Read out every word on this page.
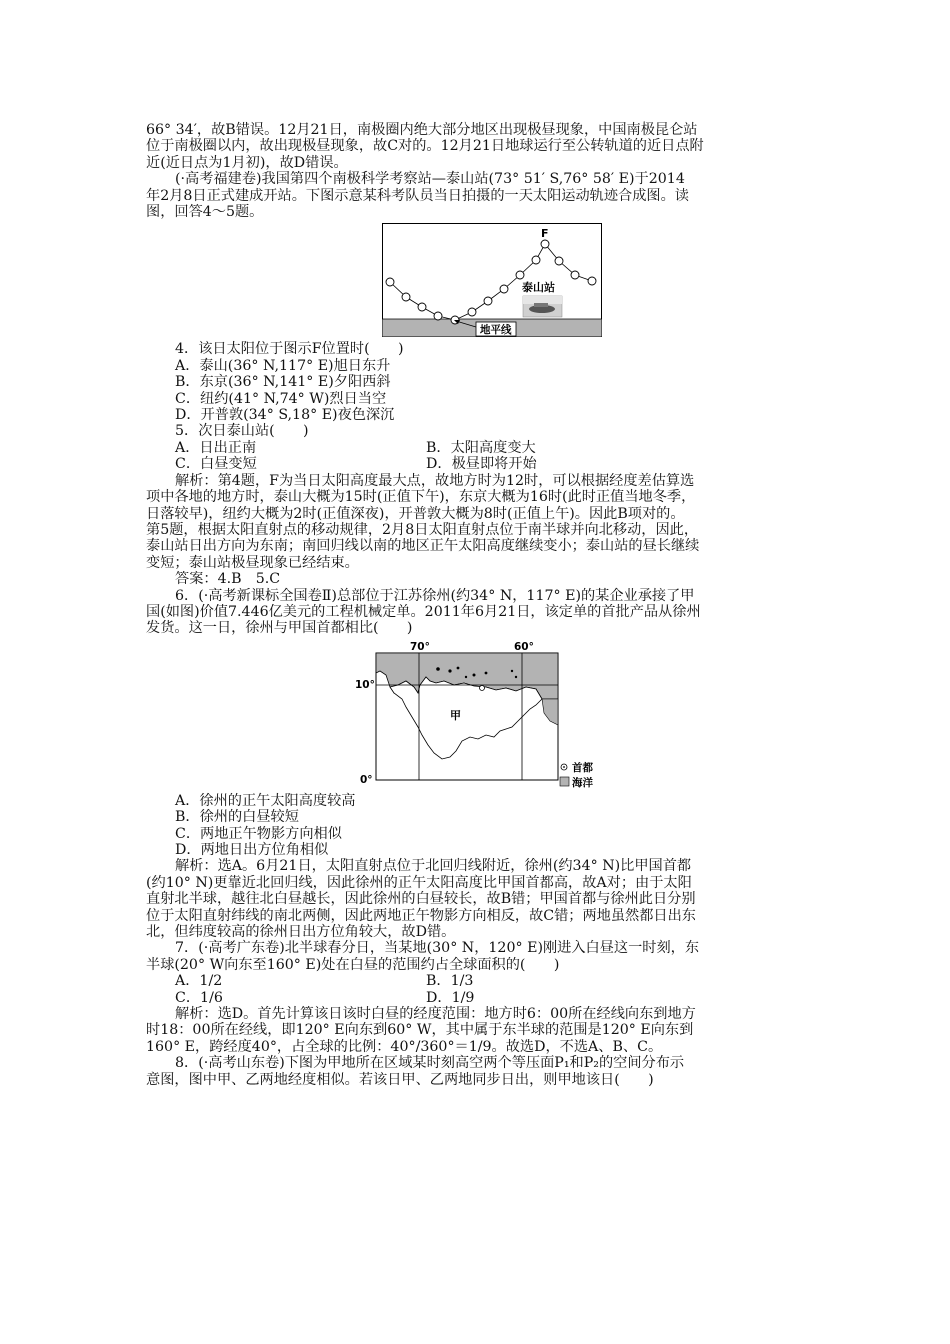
66° 34′，故B错误。12月21日，南极圈内绝大部分地区出现极昼现象，中国南极昆仑站

位于南极圈以内，故出现极昼现象，故C对的。12月21日地球运行至公转轨道的近日点附

近(近日点为1月初)，故D错误。

(·高考福建卷)我国第四个南极科学考察站—泰山站(73° 51′ S,76° 58′ E)于2014

年2月8日正式建成开站。下图示意某科考队员当日拍摄的一天太阳运动轨迹合成图。读

图，回答4～5题。

F
泰山站
地平线

4．该日太阳位于图示F位置时(　　)

A．泰山(36° N,117° E)旭日东升

B．东京(36° N,141° E)夕阳西斜

C．纽约(41° N,74° W)烈日当空

D．开普敦(34° S,18° E)夜色深沉

5．次日泰山站(　　)

A．日出正南	B．太阳高度变大
C．白昼变短	D．极昼即将开始

解析：第4题，F为当日太阳高度最大点，故地方时为12时，可以根据经度差估算选

项中各地的地方时，泰山大概为15时(正值下午)，东京大概为16时(此时正值当地冬季，

日落较早)，纽约大概为2时(正值深夜)，开普敦大概为8时(正值上午)。因此B项对的。

第5题，根据太阳直射点的移动规律，2月8日太阳直射点位于南半球并向北移动，因此，

泰山站日出方向为东南；南回归线以南的地区正午太阳高度继续变小；泰山站的昼长继续

变短；泰山站极昼现象已经结束。

答案：4.B　5.C

6．(·高考新课标全国卷Ⅱ)总部位于江苏徐州(约34° N，117° E)的某企业承接了甲

国(如图)价值7.446亿美元的工程机械定单。2011年6月21日，该定单的首批产品从徐州

发货。这一日，徐州与甲国首都相比(　　)

70°	60°
10°
0°
甲
首都
海洋

A．徐州的正午太阳高度较高

B．徐州的白昼较短

C．两地正午物影方向相似

D．两地日出方位角相似

解析：选A。6月21日，太阳直射点位于北回归线附近，徐州(约34° N)比甲国首都

(约10° N)更靠近北回归线，因此徐州的正午太阳高度比甲国首都高，故A对；由于太阳

直射北半球，越往北白昼越长，因此徐州的白昼较长，故B错；甲国首都与徐州此日分别

位于太阳直射纬线的南北两侧，因此两地正午物影方向相反，故C错；两地虽然都日出东

北，但纬度较高的徐州日出方位角较大，故D错。

7．(·高考广东卷)北半球春分日，当某地(30° N，120° E)刚进入白昼这一时刻，东

半球(20° W向东至160° E)处在白昼的范围约占全球面积的(　　)

A．1/2	B．1/3
C．1/6	D．1/9

解析：选D。首先计算该日该时白昼的经度范围：地方时6：00所在经线向东到地方

时18：00所在经线，即120° E向东到60° W，其中属于东半球的范围是120° E向东到

160° E，跨经度40°，占全球的比例：40°/360°＝1/9。故选D，不选A、B、C。

8．(·高考山东卷)下图为甲地所在区域某时刻高空两个等压面P₁和P₂的空间分布示

意图，图中甲、乙两地经度相似。若该日甲、乙两地同步日出，则甲地该日(　　)
